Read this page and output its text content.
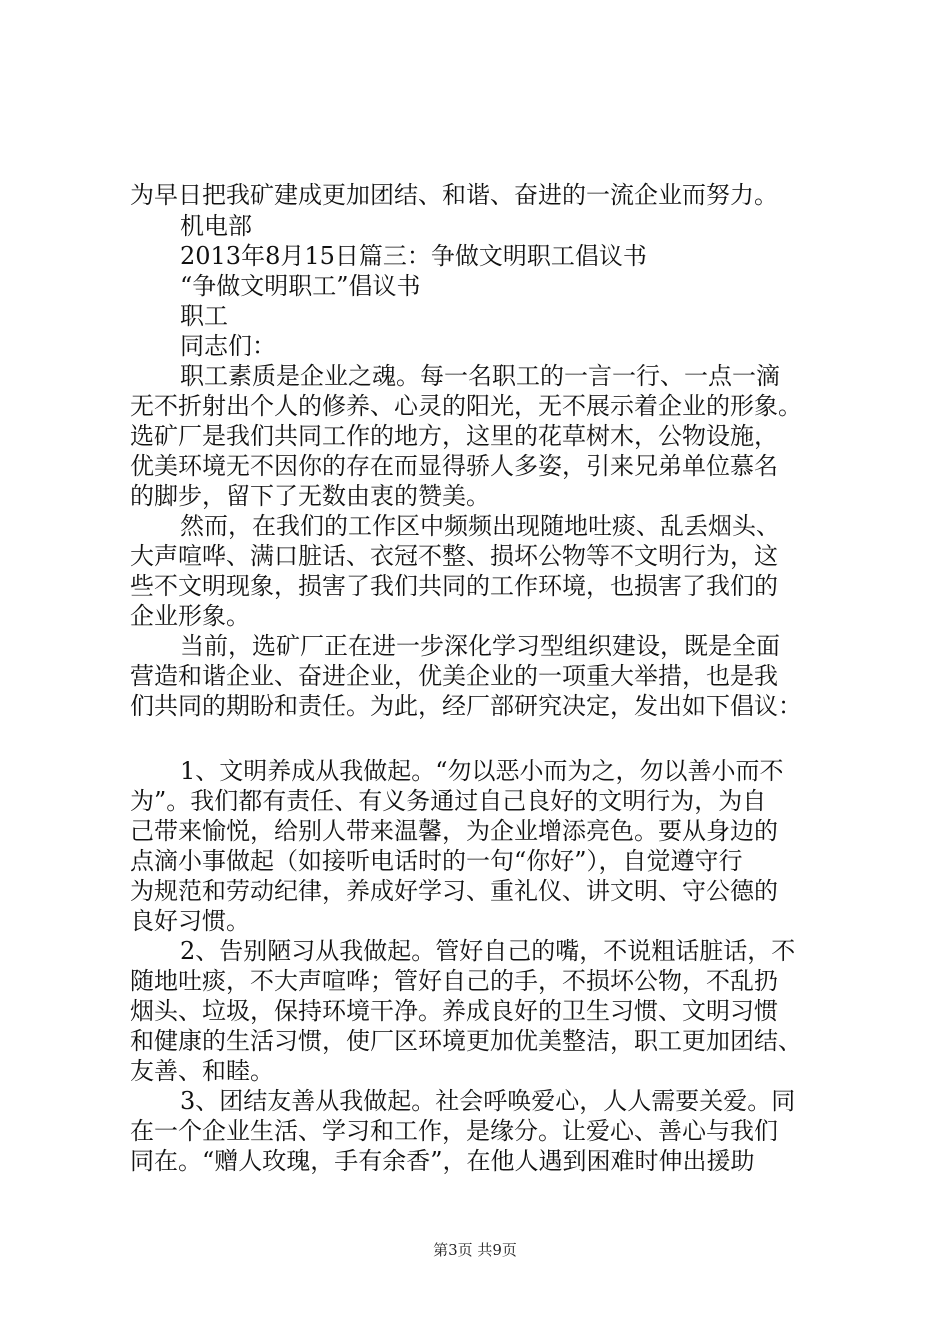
为早日把我矿建成更加团结、和谐、奋进的一流企业而努力。
机电部
2013年8月15日篇三：争做文明职工倡议书
“争做文明职工”倡议书
职工
同志们：
职工素质是企业之魂。每一名职工的一言一行、一点一滴
无不折射出个人的修养、心灵的阳光，无不展示着企业的形象。
选矿厂是我们共同工作的地方，这里的花草树木，公物设施，
优美环境无不因你的存在而显得骄人多姿，引来兄弟单位慕名
的脚步，留下了无数由衷的赞美。
然而，在我们的工作区中频频出现随地吐痰、乱丢烟头、
大声喧哗、满口脏话、衣冠不整、损坏公物等不文明行为，这
些不文明现象，损害了我们共同的工作环境，也损害了我们的
企业形象。
当前，选矿厂正在进一步深化学习型组织建设，既是全面
营造和谐企业、奋进企业，优美企业的一项重大举措，也是我
们共同的期盼和责任。为此，经厂部研究决定，发出如下倡议：
1、文明养成从我做起。“勿以恶小而为之，勿以善小而不
为”。我们都有责任、有义务通过自己良好的文明行为，为自
己带来愉悦，给别人带来温馨，为企业增添亮色。要从身边的
点滴小事做起（如接听电话时的一句“你好”），自觉遵守行
为规范和劳动纪律，养成好学习、重礼仪、讲文明、守公德的
良好习惯。
2、告别陋习从我做起。管好自己的嘴，不说粗话脏话，不
随地吐痰，不大声喧哗；管好自己的手，不损坏公物，不乱扔
烟头、垃圾，保持环境干净。养成良好的卫生习惯、文明习惯
和健康的生活习惯，使厂区环境更加优美整洁，职工更加团结、
友善、和睦。
3、团结友善从我做起。社会呼唤爱心，人人需要关爱。同
在一个企业生活、学习和工作，是缘分。让爱心、善心与我们
同在。“赠人玫瑰，手有余香”，在他人遇到困难时伸出援助
第3页 共9页
